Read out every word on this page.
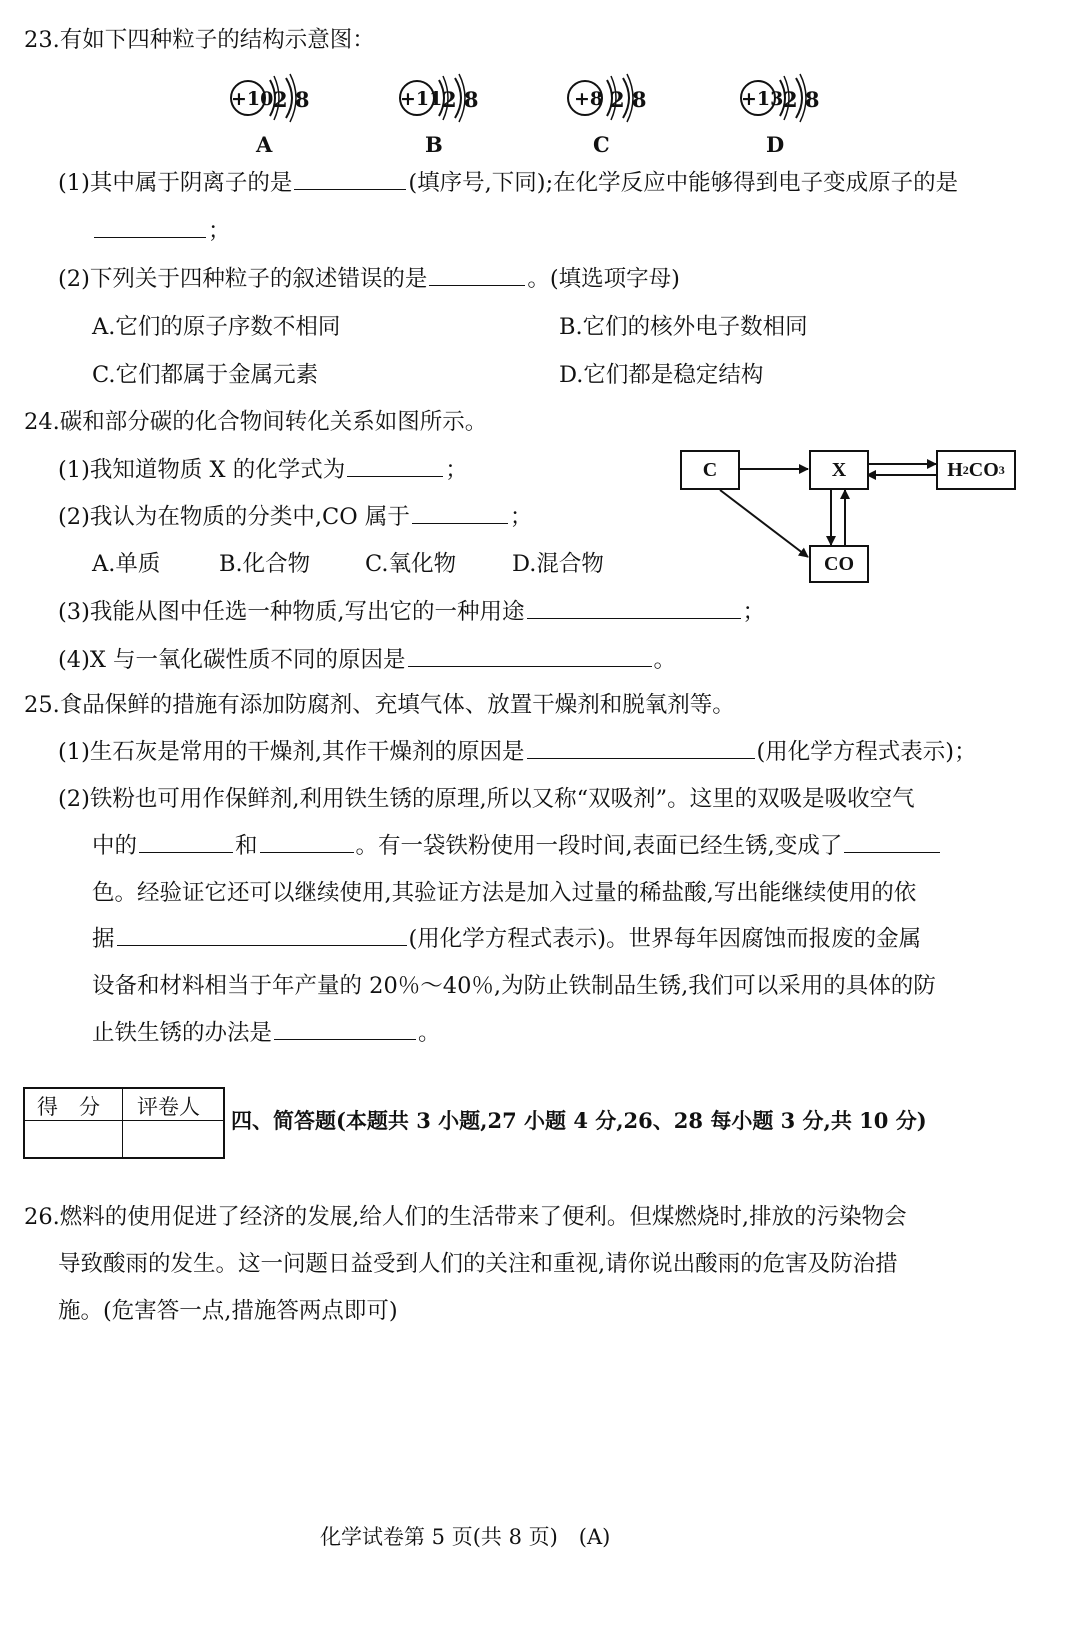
23.有如下四种粒子的结构示意图：
+10 2 8
A
+11 2 8
B
+8 2 8
C
+13 2 8
D
(1)其中属于阴离子的是	(填序号,下同);在化学反应中能够得到电子变成原子的是
；
(2)下列关于四种粒子的叙述错误的是	。(填选项字母)
A.它们的原子序数不相同	B.它们的核外电子数相同
C.它们都属于金属元素	D.它们都是稳定结构
24.碳和部分碳的化合物间转化关系如图所示。
(1)我知道物质 X 的化学式为	；
(2)我认为在物质的分类中,CO 属于	；
A.单质	B.化合物 C.氧化物 D.混合物
(3)我能从图中任选一种物质,写出它的一种用途	；
(4)X 与一氧化碳性质不同的原因是	。
C	X	H 2 CO 3
CO
25.食品保鲜的措施有添加防腐剂、充填气体、放置干燥剂和脱氧剂等。
(1)生石灰是常用的干燥剂,其作干燥剂的原因是	(用化学方程式表示)；
(2)铁粉也可用作保鲜剂,利用铁生锈的原理,所以又称“双吸剂”。这里的双吸是吸收空气
中的	和	。有一袋铁粉使用一段时间,表面已经生锈,变成了
色。经验证它还可以继续使用,其验证方法是加入过量的稀盐酸,写出能继续使用的依
据	(用化学方程式表示)。世界每年因腐蚀而报废的金属
设备和材料相当于年产量的 20％～40％,为防止铁制品生锈,我们可以采用的具体的防
止铁生锈的办法是	。
得　分 评卷人
四、简答题(本题共 3 小题,27 小题 4 分,26、28 每小题 3 分,共 10 分)
26.燃料的使用促进了经济的发展,给人们的生活带来了便利。但煤燃烧时,排放的污染物会
导致酸雨的发生。这一问题日益受到人们的关注和重视,请你说出酸雨的危害及防治措
施。(危害答一点,措施答两点即可)
化学试卷第 5 页(共 8 页)　(A)
